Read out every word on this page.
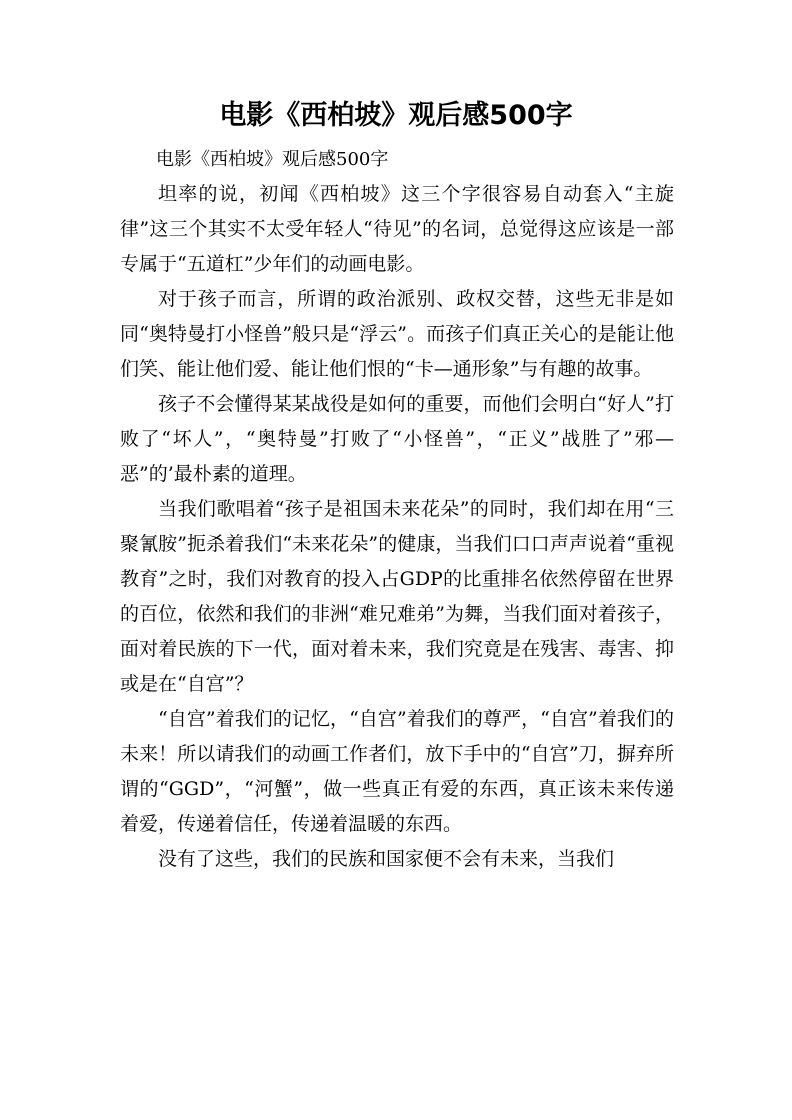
电影《西柏坡》观后感500字

电影《西柏坡》观后感500字

坦率的说，初闻《西柏坡》这三个字很容易自动套入“主旋律”这三个其实不太受年轻人“待见”的名词，总觉得这应该是一部专属于“五道杠”少年们的动画电影。

对于孩子而言，所谓的政治派别、政权交替，这些无非是如同“奥特曼打小怪兽”般只是“浮云”。而孩子们真正关心的是能让他们笑、能让他们爱、能让他们恨的“卡—通形象”与有趣的故事。

孩子不会懂得某某战役是如何的重要，而他们会明白“好人”打败了“坏人”，“奥特曼”打败了“小怪兽”，“正义”战胜了”邪—恶”的’最朴素的道理。

当我们歌唱着“孩子是祖国未来花朵”的同时，我们却在用“三聚氰胺”扼杀着我们“未来花朵”的健康，当我们口口声声说着“重视教育”之时，我们对教育的投入占GDP的比重排名依然停留在世界的百位，依然和我们的非洲“难兄难弟”为舞，当我们面对着孩子，面对着民族的下一代，面对着未来，我们究竟是在残害、毒害、抑或是在“自宫”？

“自宫”着我们的记忆，“自宫”着我们的尊严，“自宫”着我们的未来！所以请我们的动画工作者们，放下手中的“自宫”刀，摒弃所谓的“GGD”，“河蟹”，做一些真正有爱的东西，真正该未来传递着爱，传递着信任，传递着温暖的东西。

没有了这些，我们的民族和国家便不会有未来，当我们
